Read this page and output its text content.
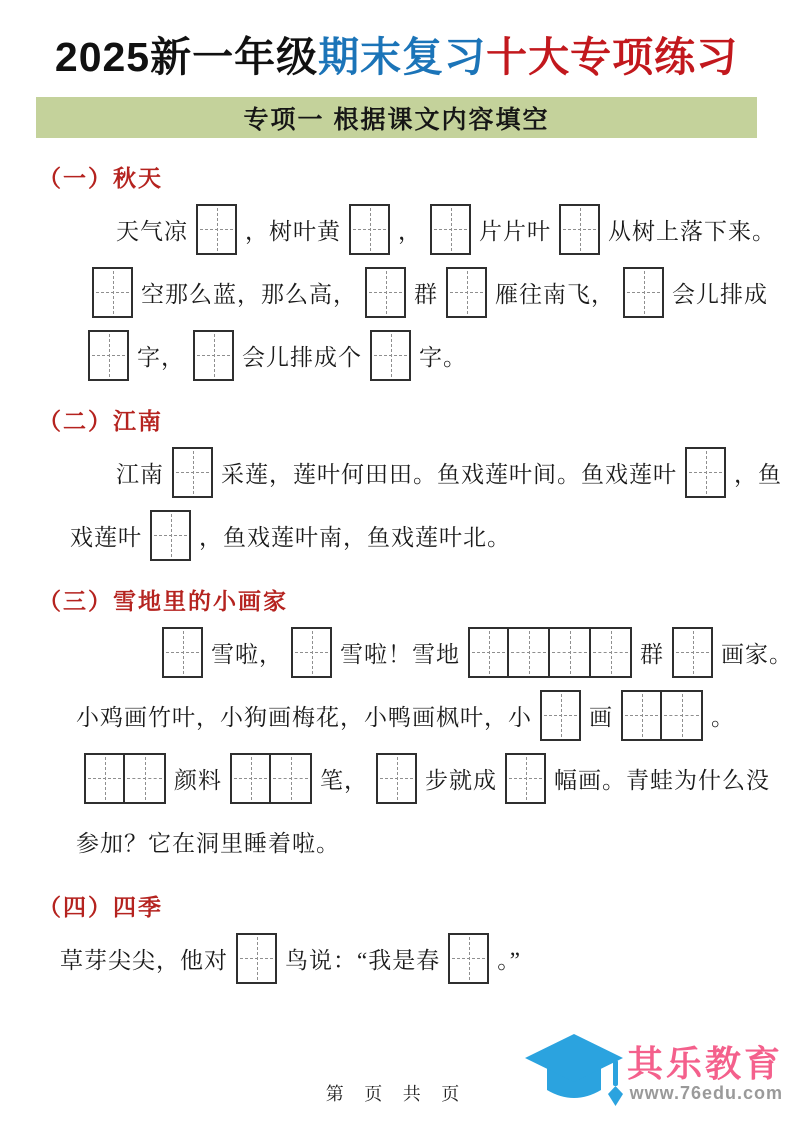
2025新一年级期末复习十大专项练习
专项一 根据课文内容填空
（一）秋天
天气凉 ，树叶黄 ， 片片叶 从树上落下来。
空那么蓝，那么高， 群 雁往南飞， 会儿排成
字， 会儿排成个 字。
（二）江南
江南 采莲，莲叶何田田。鱼戏莲叶间。鱼戏莲叶 ，鱼
戏莲叶 ，鱼戏莲叶南，鱼戏莲叶北。
（三）雪地里的小画家
雪啦， 雪啦！雪地	群 画家。
小鸡画竹叶，小狗画梅花，小鸭画枫叶，小 画	。
颜料	笔， 步就成 幅画。青蛙为什么没
参加？它在洞里睡着啦。
（四）四季
草芽尖尖，他对 鸟说：“我是春 。”
第 页 共 页
其乐教育
www.76edu.com
